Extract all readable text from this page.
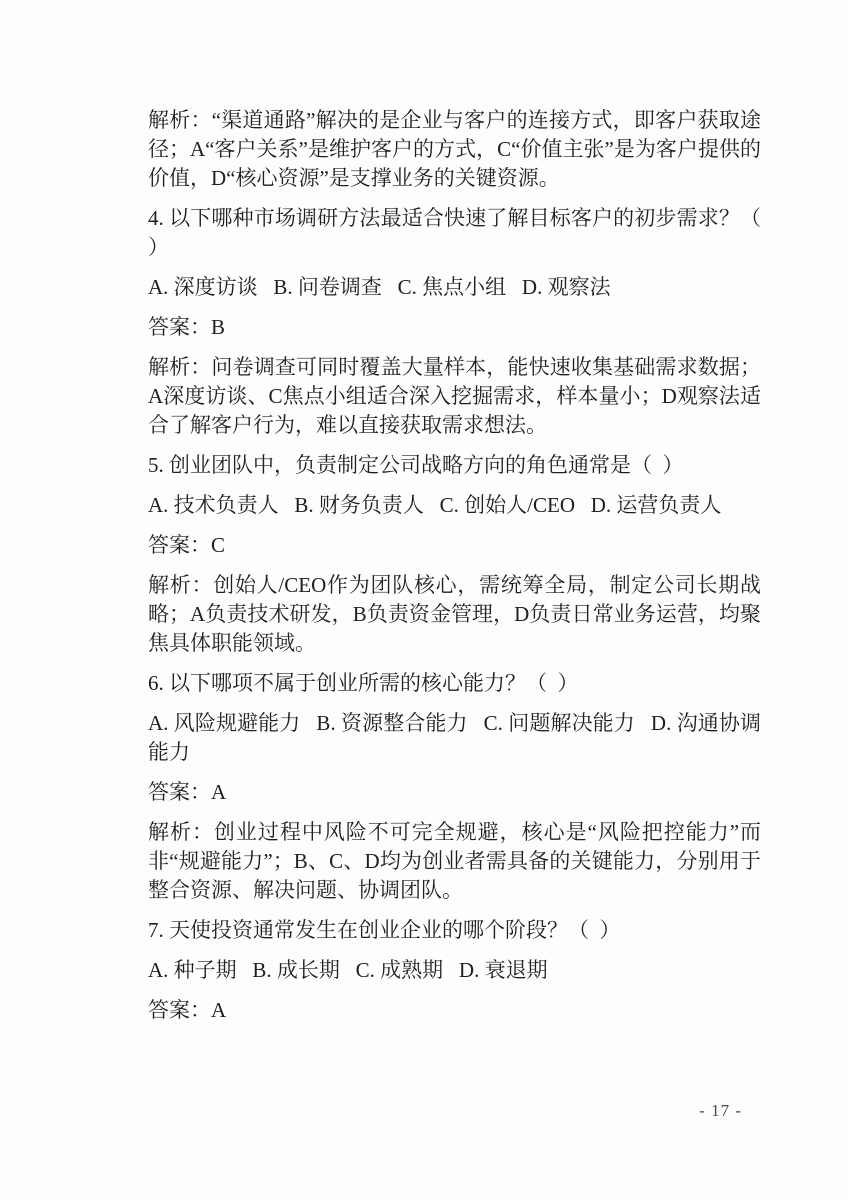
解析：“渠道通路”解决的是企业与客户的连接方式，即客户获取途径；A“客户关系”是维护客户的方式，C“价值主张”是为客户提供的价值，D“核心资源”是支撑业务的关键资源。

4. 以下哪种市场调研方法最适合快速了解目标客户的初步需求？（  ）

A. 深度访谈   B. 问卷调查   C. 焦点小组   D. 观察法

答案：B

解析：问卷调查可同时覆盖大量样本，能快速收集基础需求数据；A深度访谈、C焦点小组适合深入挖掘需求，样本量小；D观察法适合了解客户行为，难以直接获取需求想法。

5. 创业团队中，负责制定公司战略方向的角色通常是（  ）

A. 技术负责人   B. 财务负责人   C. 创始人/CEO   D. 运营负责人

答案：C

解析：创始人/CEO作为团队核心，需统筹全局，制定公司长期战略；A负责技术研发，B负责资金管理，D负责日常业务运营，均聚焦具体职能领域。

6. 以下哪项不属于创业所需的核心能力？（  ）

A. 风险规避能力   B. 资源整合能力   C. 问题解决能力   D. 沟通协调能力

答案：A

解析：创业过程中风险不可完全规避，核心是“风险把控能力”而非“规避能力”；B、C、D均为创业者需具备的关键能力，分别用于整合资源、解决问题、协调团队。

7. 天使投资通常发生在创业企业的哪个阶段？（  ）

A. 种子期   B. 成长期   C. 成熟期   D. 衰退期

答案：A

- 17 -
